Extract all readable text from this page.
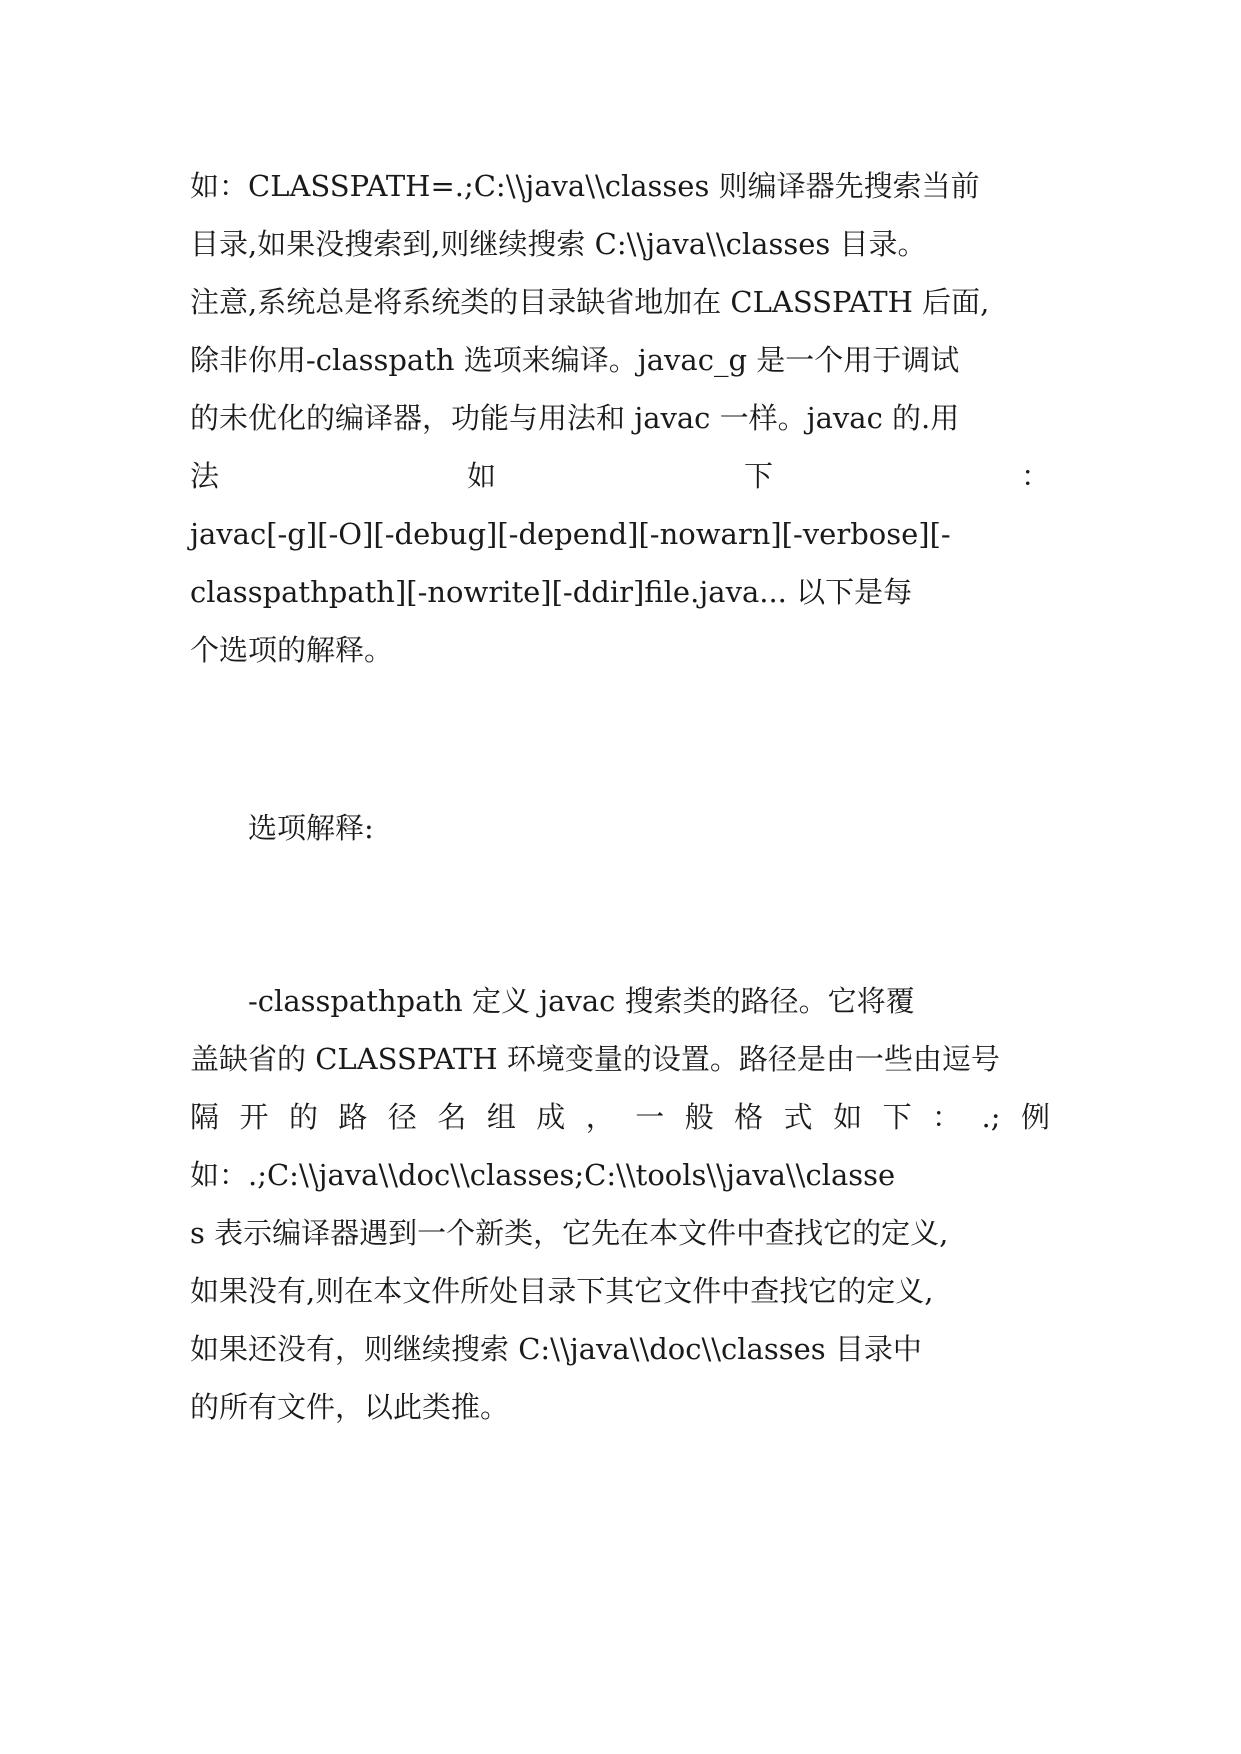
如：CLASSPATH=.;C:\\java\\classes 则编译器先搜索当前
目录,如果没搜索到,则继续搜索 C:\\java\\classes 目录。
注意,系统总是将系统类的目录缺省地加在 CLASSPATH 后面,
除非你用-classpath 选项来编译。javac_g 是一个用于调试
的未优化的编译器，功能与用法和 javac 一样。javac 的.用
法	如	下	：
javac[-g][-O][-debug][-depend][-nowarn][-verbose][-
classpathpath][-nowrite][-ddir]file.java... 以下是每
个选项的解释。
选项解释:
-classpathpath 定义 javac 搜索类的路径。它将覆
盖缺省的 CLASSPATH 环境变量的设置。路径是由一些由逗号
隔 开 的 路 径 名 组 成 ， 一 般 格 式 如 下 ： .; 例
如：.;C:\\java\\doc\\classes;C:\\tools\\java\\classe
s 表示编译器遇到一个新类，它先在本文件中查找它的定义,
如果没有,则在本文件所处目录下其它文件中查找它的定义,
如果还没有，则继续搜索 C:\\java\\doc\\classes 目录中
的所有文件，以此类推。
